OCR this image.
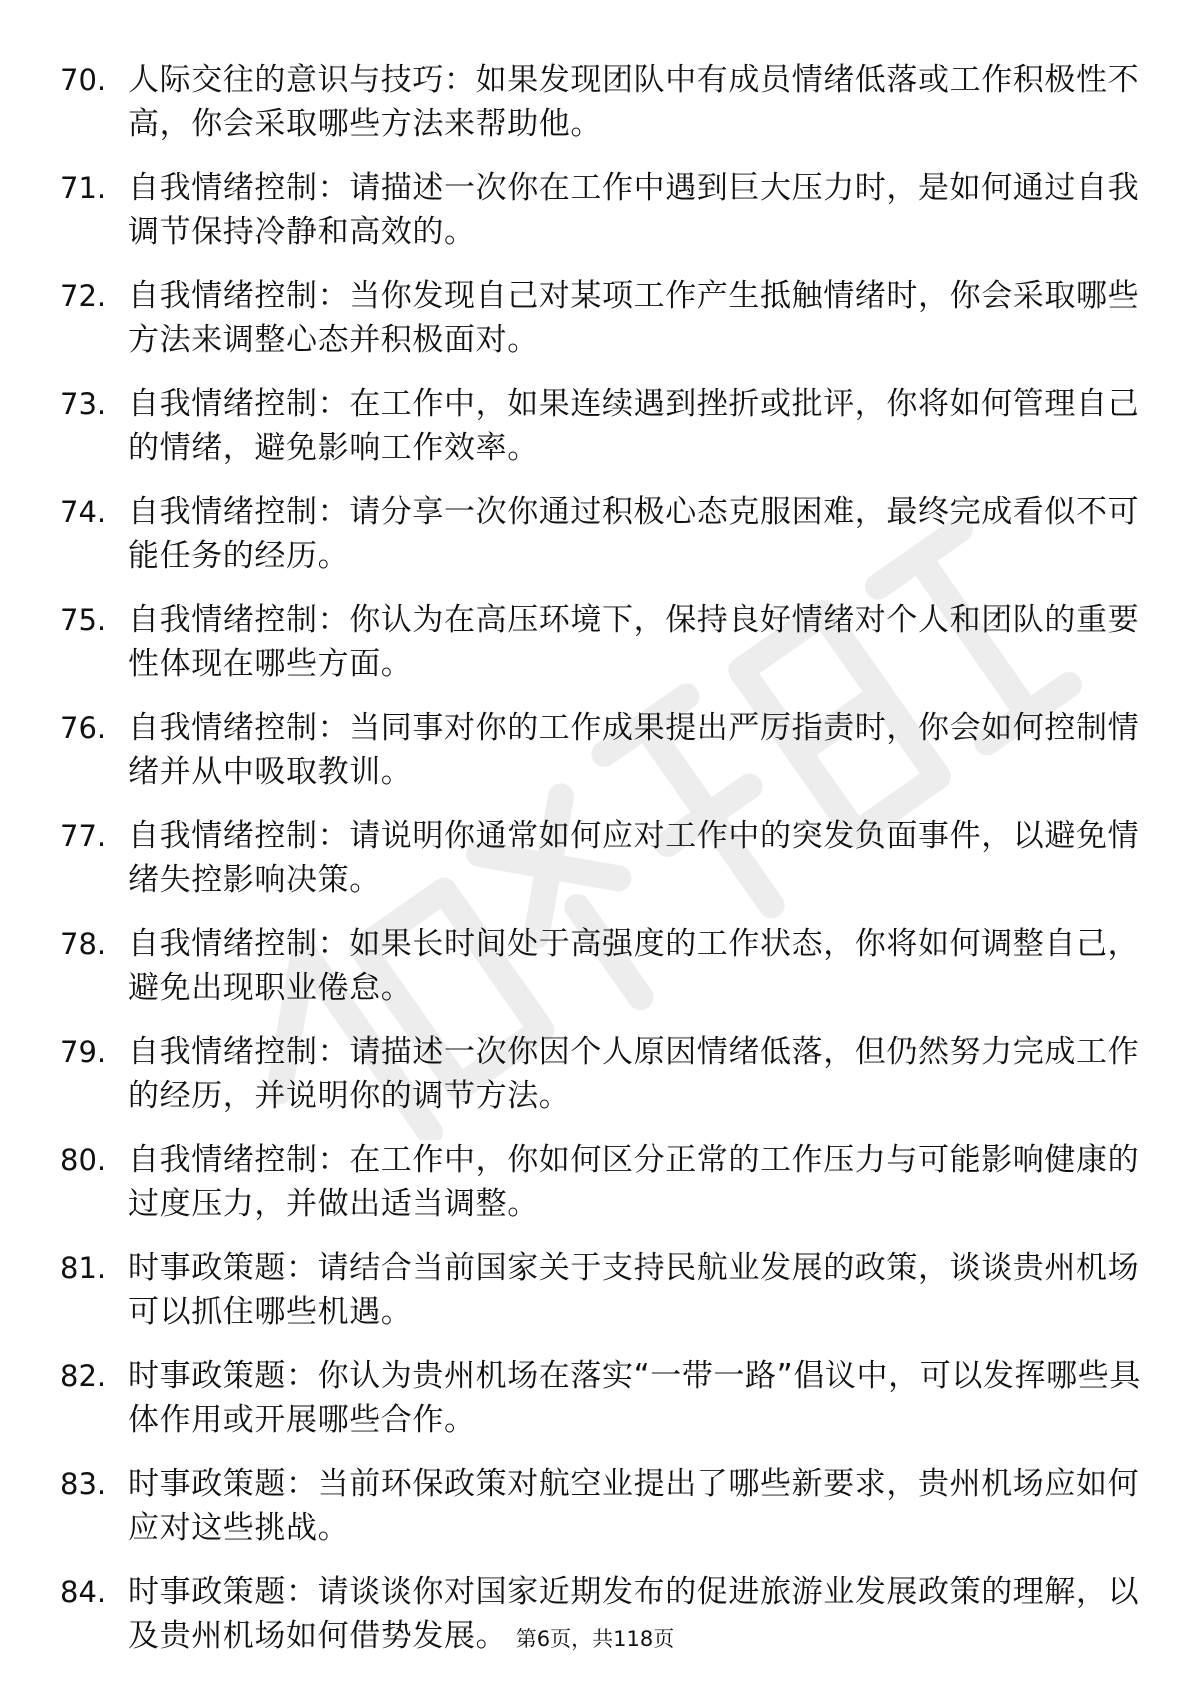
70. 人际交往的意识与技巧：如果发现团队中有成员情绪低落或工作积极性不高，你会采取哪些方法来帮助他。
71. 自我情绪控制：请描述一次你在工作中遇到巨大压力时，是如何通过自我调节保持冷静和高效的。
72. 自我情绪控制：当你发现自己对某项工作产生抵触情绪时，你会采取哪些方法来调整心态并积极面对。
73. 自我情绪控制：在工作中，如果连续遇到挫折或批评，你将如何管理自己的情绪，避免影响工作效率。
74. 自我情绪控制：请分享一次你通过积极心态克服困难，最终完成看似不可能任务的经历。
75. 自我情绪控制：你认为在高压环境下，保持良好情绪对个人和团队的重要性体现在哪些方面。
76. 自我情绪控制：当同事对你的工作成果提出严厉指责时，你会如何控制情绪并从中吸取教训。
77. 自我情绪控制：请说明你通常如何应对工作中的突发负面事件，以避免情绪失控影响决策。
78. 自我情绪控制：如果长时间处于高强度的工作状态，你将如何调整自己，避免出现职业倦怠。
79. 自我情绪控制：请描述一次你因个人原因情绪低落，但仍然努力完成工作的经历，并说明你的调节方法。
80. 自我情绪控制：在工作中，你如何区分正常的工作压力与可能影响健康的过度压力，并做出适当调整。
81. 时事政策题：请结合当前国家关于支持民航业发展的政策，谈谈贵州机场可以抓住哪些机遇。
82. 时事政策题：你认为贵州机场在落实“一带一路”倡议中，可以发挥哪些具体作用或开展哪些合作。
83. 时事政策题：当前环保政策对航空业提出了哪些新要求，贵州机场应如何应对这些挑战。
84. 时事政策题：请谈谈你对国家近期发布的促进旅游业发展政策的理解，以及贵州机场如何借势发展。 第6页，共118页
